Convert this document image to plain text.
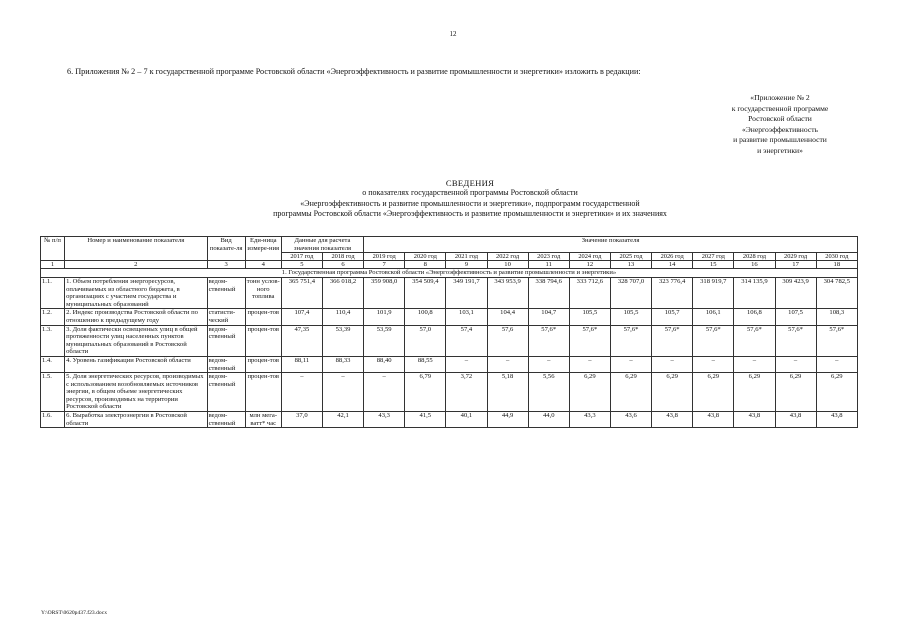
12
6. Приложения № 2 – 7 к государственной программе Ростовской области «Энергоэффективность и развитие промышленности и энергетики» изложить в редакции:
«Приложение № 2
к государственной программе
Ростовской области
«Энергоэффективность
и развитие промышленности
и энергетики»
СВЕДЕНИЯ
о показателях государственной программы Ростовской области
«Энергоэффективность и развитие промышленности и энергетики», подпрограмм государственной
программы Ростовской области «Энергоэффективность и развитие промышленности и энергетики» и их значениях
№ п/п	Номер и наименование показателя	Вид показате-ля	Еди-ница измере-ния	Данные для расчета значения показателя		Значение показателя											
				2017 год	2018 год	2019 год	2020 год	2021 год	2022 год	2023 год	2024 год	2025 год	2026 год	2027 год	2028 год	2029 год	2030 год
1	2	3	4	5	6	7	8	9	10	11	12	13	14	15	16	17	18
1. Государственная программа Ростовской области «Энергоэффективность и развитие промышленности и энергетики»																	
1.1.	1. Объем потребления энергоресурсов, оплачиваемых из областного бюджета, в организациях с участием государства и муниципальных образований	ведом-ственный	тонн услов-ного топлива	365 751,4	366 018,2	359 908,0	354 509,4	349 191,7	343 953,9	338 794,6	333 712,6	328 707,0	323 776,4	318 919,7	314 135,9	309 423,9	304 782,5
1.2.	2. Индекс производства Ростовской области по отношению к предыдущему году	статисти-ческий	процен-тов	107,4	110,4	101,9	100,8	103,1	104,4	104,7	105,5	105,5	105,7	106,1	106,8	107,5	108,3
1.3.	3. Доля фактически освещенных улиц в общей протяженности улиц населенных пунктов муниципальных образований в Ростовской области	ведом-ственный	процен-тов	47,35	53,39	53,59	57,0	57,4	57,6	57,6*	57,6*	57,6*	57,6*	57,6*	57,6*	57,6*	57,6*
1.4.	4. Уровень газификации Ростовской области	ведом-ственный	процен-тов	88,11	88,33	88,40	88,55	–	–	–	–	–	–	–	–	–	–
1.5.	5. Доля энергетических ресурсов, производимых с использованием возобновляемых источников энергии, в общем объеме энергетических ресурсов, производимых на территории Ростовской области	ведом-ственный	процен-тов	–	–	–	6,79	3,72	5,18	5,56	6,29	6,29	6,29	6,29	6,29	6,29	6,29
1.6.	6. Выработка электроэнергии в Ростовской области	ведом-ственный	млн мега-ватт* час	37,0	42,1	43,3	41,5	40,1	44,9	44,0	43,3	43,6	43,8	43,8	43,8	43,8	43,8
Y:\ORST\0620p437.f23.docx
